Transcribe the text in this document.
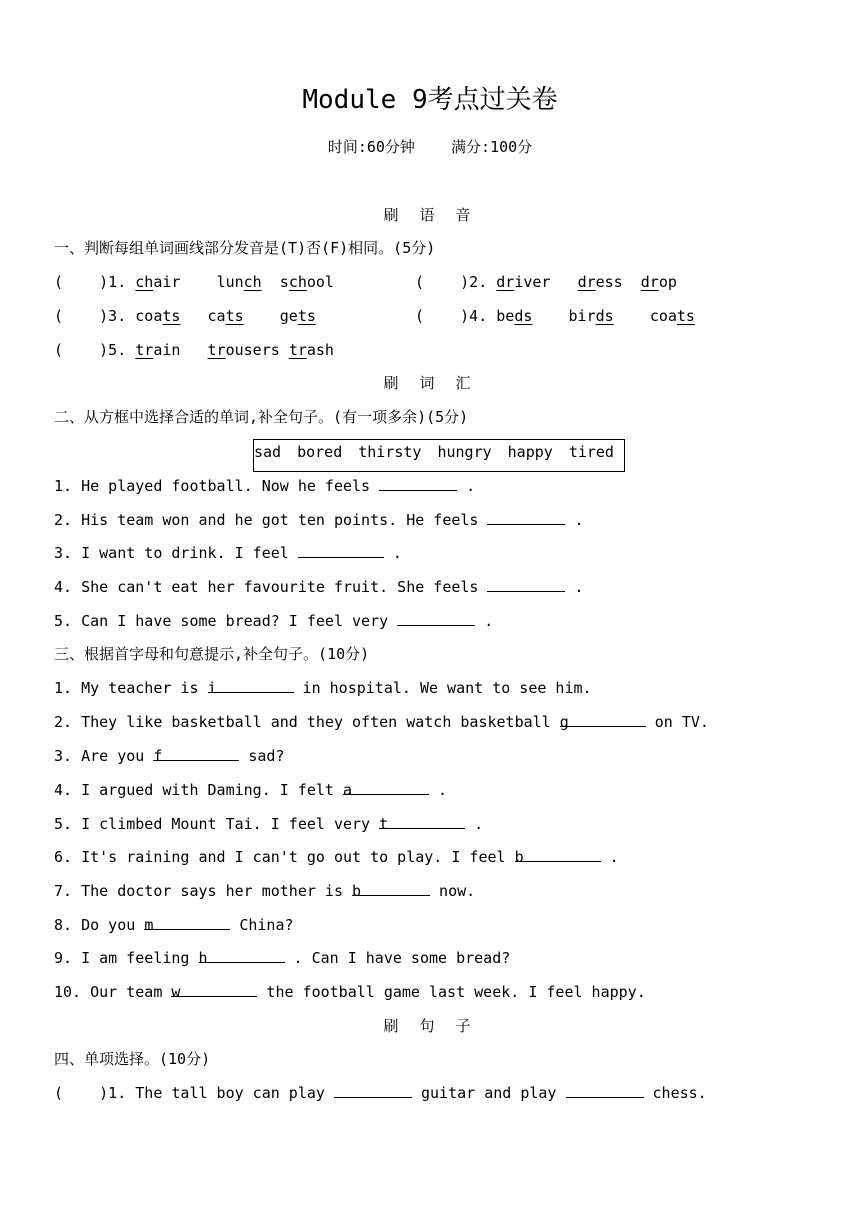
Module 9考点过关卷
时间:60分钟 满分:100分
刷 语 音
一、判断每组单词画线部分发音是(T)否(F)相同。(5分)
(    )1. chair lunch school	(    )2. driver dress drop
(    )3. coats cats gets	(    )4. beds birds coats
(    )5. train trousers trash
刷 词 汇
二、从方框中选择合适的单词,补全句子。(有一项多余)(5分)
sad bored thirsty hungry happy tired
1. He played football. Now he feels	.
2. His team won and he got ten points. He feels	.
3. I want to drink. I feel	.
4. She can't eat her favourite fruit. She feels	.
5. Can I have some bread? I feel very	.
三、根据首字母和句意提示,补全句子。(10分)
1. My teacher is i	in hospital. We want to see him.
2. They like basketball and they often watch basketball g	on TV.
3. Are you f	sad?
4. I argued with Daming. I felt a	.
5. I climbed Mount Tai. I feel very t	.
6. It's raining and I can't go out to play. I feel b	.
7. The doctor says her mother is b	now.
8. Do you m	China?
9. I am feeling h	. Can I have some bread?
10. Our team w	the football game last week. I feel happy.
刷 句 子
四、单项选择。(10分)
(    )1. The tall boy can play	guitar and play	chess.
